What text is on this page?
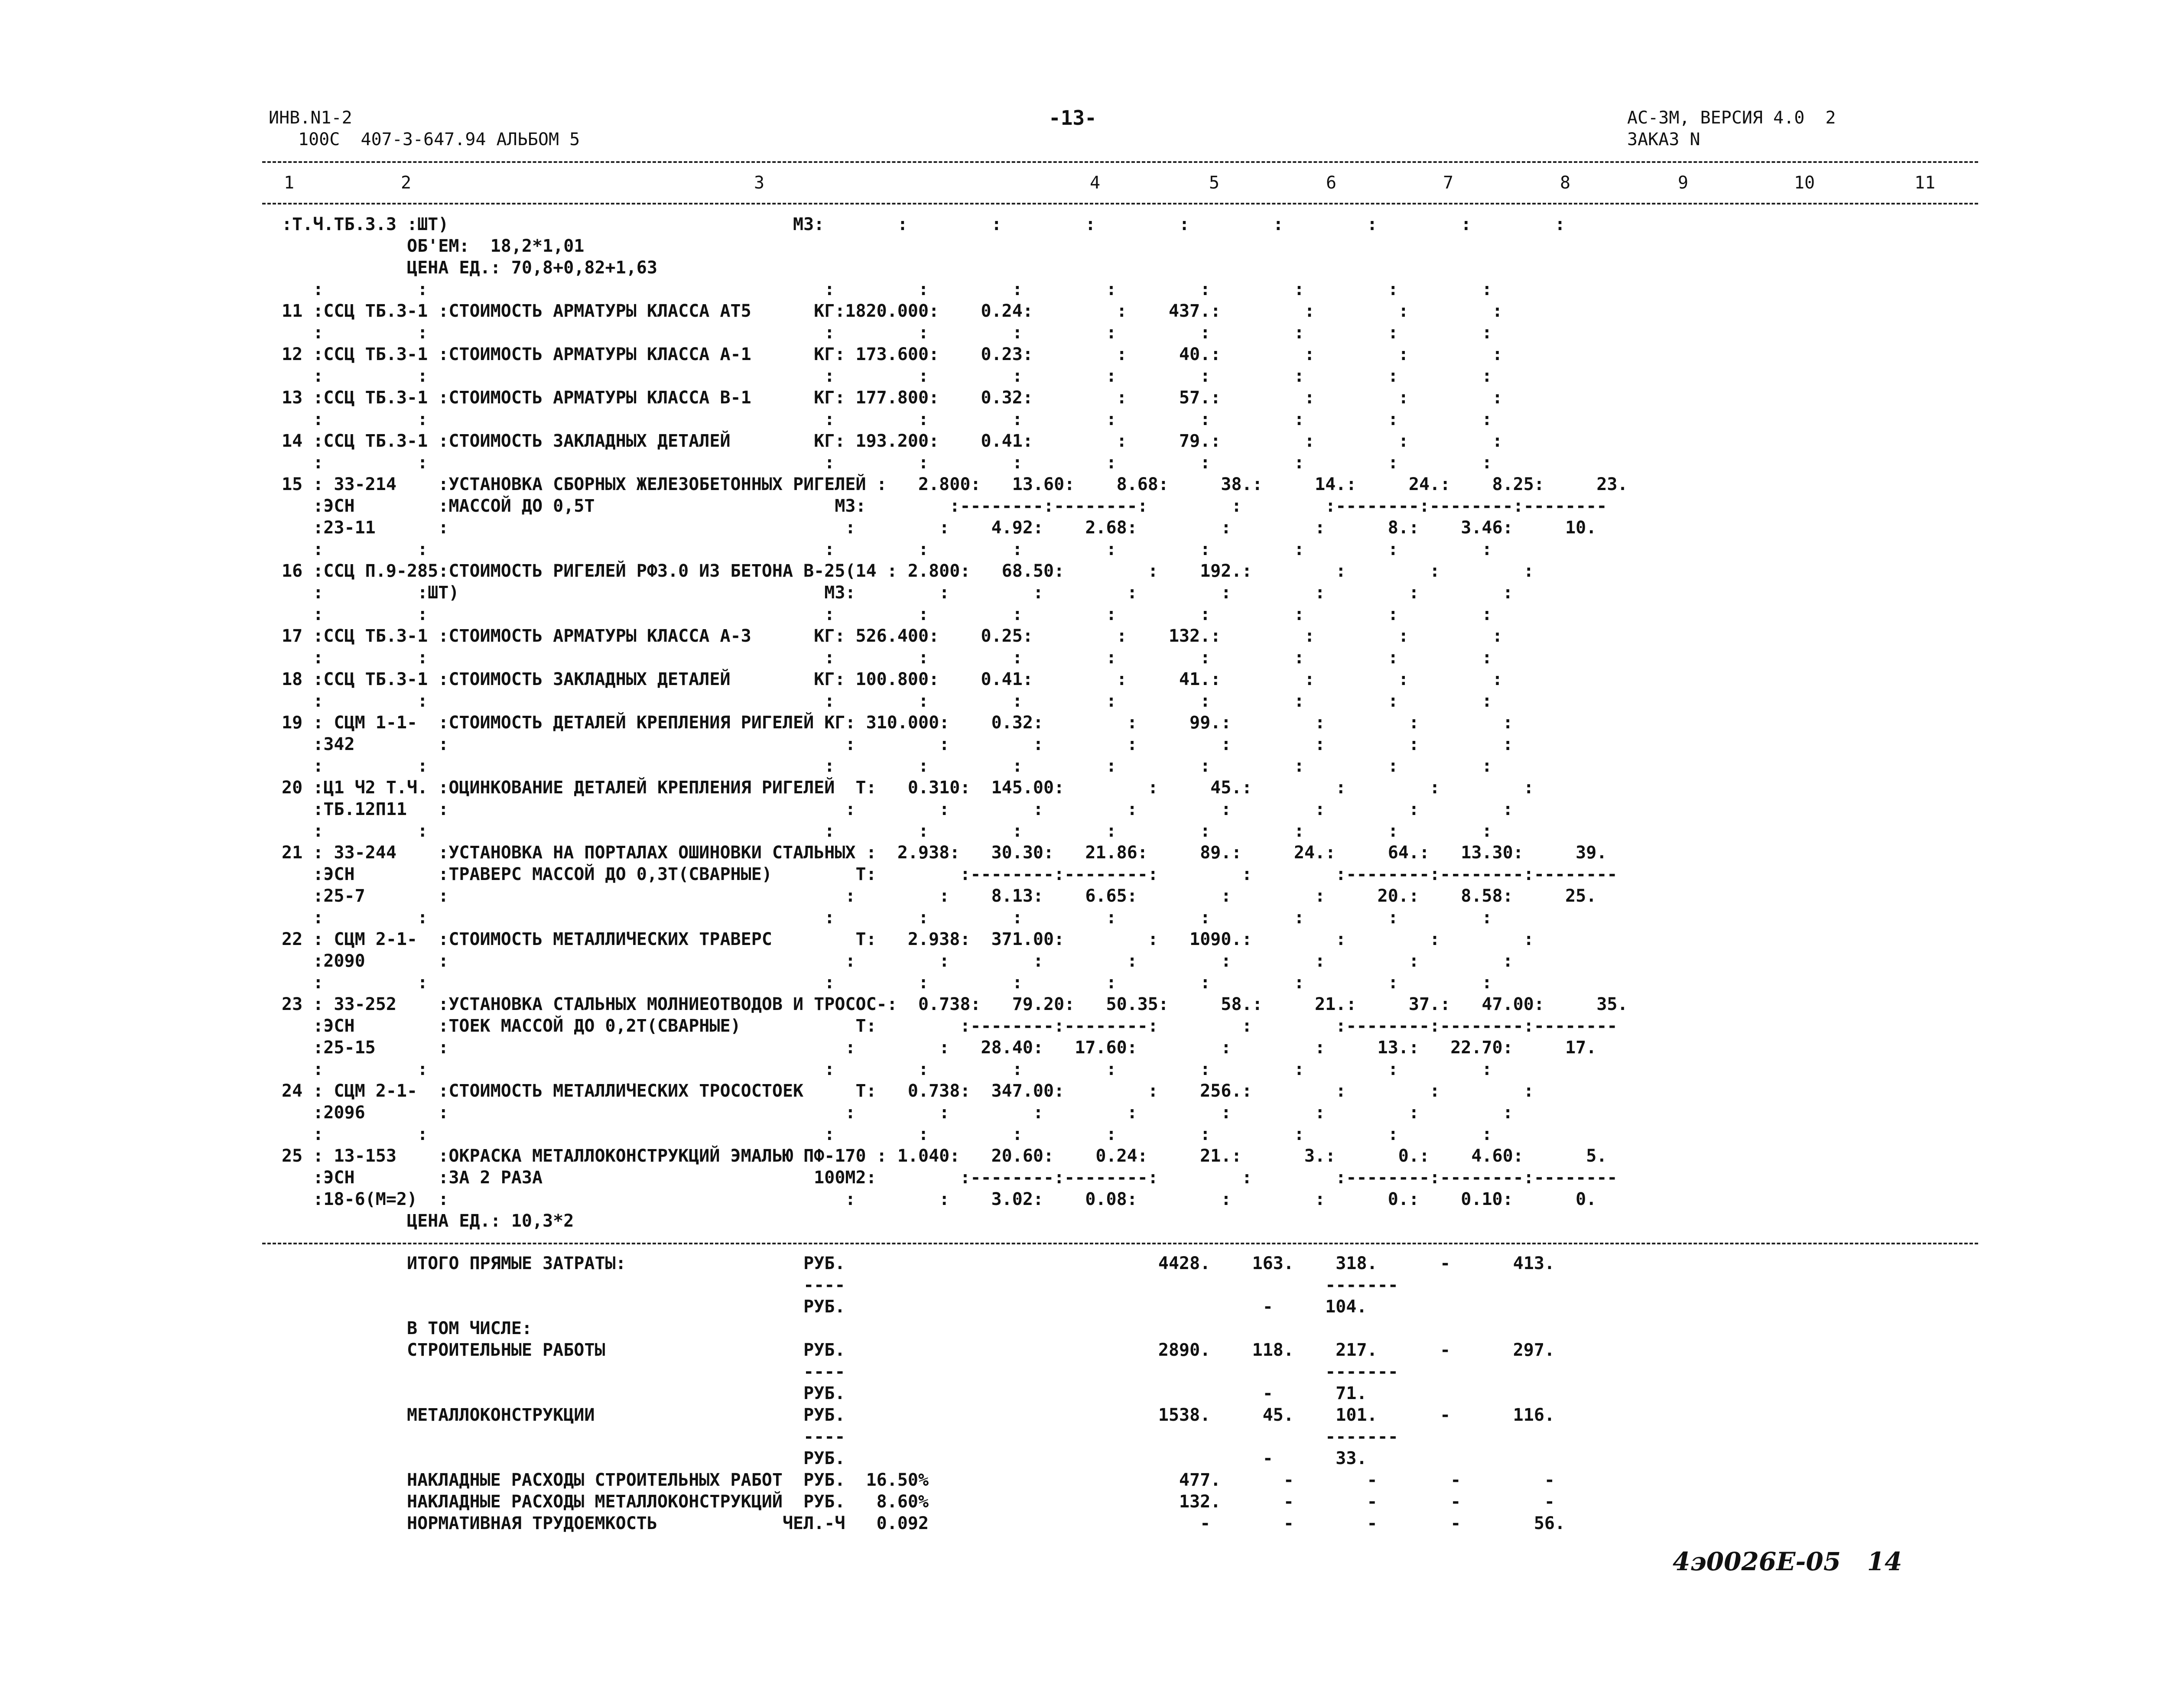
ИНВ.N1-2
100С  407-3-647.94 АЛЬБОМ 5
-13-	АС-3М, ВЕРСИЯ 4.0  2
ЗАКАЗ N
1	2	3	4	5	6	7	8	9	10	11
:Т.Ч.ТБ.3.3 :ШТ)                                 М3:       :        :        :        :        :        :        :        :
ОБ'ЕМ:  18,2*1,01
ЦЕНА ЕД.: 70,8+0,82+1,63
:         :                                      :        :        :        :        :        :        :        :
11 :ССЦ ТБ.3-1 :СТОИМОСТЬ АРМАТУРЫ КЛАССА АТ5      КГ:1820.000:    0.24:        :    437.:        :        :        :
:         :                                      :        :        :        :        :        :        :        :
12 :ССЦ ТБ.3-1 :СТОИМОСТЬ АРМАТУРЫ КЛАССА А-1      КГ: 173.600:    0.23:        :     40.:        :        :        :
:         :                                      :        :        :        :        :        :        :        :
13 :ССЦ ТБ.3-1 :СТОИМОСТЬ АРМАТУРЫ КЛАССА В-1      КГ: 177.800:    0.32:        :     57.:        :        :        :
:         :                                      :        :        :        :        :        :        :        :
14 :ССЦ ТБ.3-1 :СТОИМОСТЬ ЗАКЛАДНЫХ ДЕТАЛЕЙ        КГ: 193.200:    0.41:        :     79.:        :        :        :
:         :                                      :        :        :        :        :        :        :        :
15 : 33-214    :УСТАНОВКА СБОРНЫХ ЖЕЛЕЗОБЕТОННЫХ РИГЕЛЕЙ :   2.800:   13.60:    8.68:     38.:     14.:     24.:    8.25:     23.
:ЭСН        :МАССОЙ ДО 0,5Т                       М3:        :--------:--------:        :        :--------:--------:--------
:23-11      :                                      :        :    4.92:    2.68:        :        :      8.:    3.46:     10.
:         :                                      :        :        :        :        :        :        :        :
16 :ССЦ П.9-285:СТОИМОСТЬ РИГЕЛЕЙ РФ3.0 ИЗ БЕТОНА В-25(14 : 2.800:   68.50:        :    192.:        :        :        :
:         :ШТ)                                   М3:        :        :        :        :        :        :        :
:         :                                      :        :        :        :        :        :        :        :
17 :ССЦ ТБ.3-1 :СТОИМОСТЬ АРМАТУРЫ КЛАССА А-3      КГ: 526.400:    0.25:        :    132.:        :        :        :
:         :                                      :        :        :        :        :        :        :        :
18 :ССЦ ТБ.3-1 :СТОИМОСТЬ ЗАКЛАДНЫХ ДЕТАЛЕЙ        КГ: 100.800:    0.41:        :     41.:        :        :        :
:         :                                      :        :        :        :        :        :        :        :
19 : СЦМ 1-1-  :СТОИМОСТЬ ДЕТАЛЕЙ КРЕПЛЕНИЯ РИГЕЛЕЙ КГ: 310.000:    0.32:        :     99.:        :        :        :
:342        :                                      :        :        :        :        :        :        :        :
:         :                                      :        :        :        :        :        :        :        :
20 :Ц1 Ч2 Т.Ч. :ОЦИНКОВАНИЕ ДЕТАЛЕЙ КРЕПЛЕНИЯ РИГЕЛЕЙ  Т:   0.310:  145.00:        :     45.:        :        :        :
:ТБ.12П11   :                                      :        :        :        :        :        :        :        :
:         :                                      :        :        :        :        :        :        :        :
21 : 33-244    :УСТАНОВКА НА ПОРТАЛАХ ОШИНОВКИ СТАЛЬНЫХ :  2.938:   30.30:   21.86:     89.:     24.:     64.:   13.30:     39.
:ЭСН        :ТРАВЕРС МАССОЙ ДО 0,3Т(СВАРНЫЕ)        Т:        :--------:--------:        :        :--------:--------:--------
:25-7       :                                      :        :    8.13:    6.65:        :        :     20.:    8.58:     25.
:         :                                      :        :        :        :        :        :        :        :
22 : СЦМ 2-1-  :СТОИМОСТЬ МЕТАЛЛИЧЕСКИХ ТРАВЕРС        Т:   2.938:  371.00:        :   1090.:        :        :        :
:2090       :                                      :        :        :        :        :        :        :        :
:         :                                      :        :        :        :        :        :        :        :
23 : 33-252    :УСТАНОВКА СТАЛЬНЫХ МОЛНИЕОТВОДОВ И ТРОСОС-:  0.738:   79.20:   50.35:     58.:     21.:     37.:   47.00:     35.
:ЭСН        :ТОЕК МАССОЙ ДО 0,2Т(СВАРНЫЕ)           Т:        :--------:--------:        :        :--------:--------:--------
:25-15      :                                      :        :   28.40:   17.60:        :        :     13.:   22.70:     17.
:         :                                      :        :        :        :        :        :        :        :
24 : СЦМ 2-1-  :СТОИМОСТЬ МЕТАЛЛИЧЕСКИХ ТРОСОСТОЕК     Т:   0.738:  347.00:        :    256.:        :        :        :
:2096       :                                      :        :        :        :        :        :        :        :
:         :                                      :        :        :        :        :        :        :        :
25 : 13-153    :ОКРАСКА МЕТАЛЛОКОНСТРУКЦИЙ ЭМАЛЬЮ ПФ-170 : 1.040:   20.60:    0.24:     21.:      3.:      0.:    4.60:      5.
:ЭСН        :ЗА 2 РАЗА                          100М2:        :--------:--------:        :        :--------:--------:--------
:18-6(М=2)  :                                      :        :    3.02:    0.08:        :        :      0.:    0.10:      0.
ЦЕНА ЕД.: 10,3*2
ИТОГО ПРЯМЫЕ ЗАТРАТЫ:                 РУБ.                              4428.    163.    318.      -      413.
----                                              -------
РУБ.                                        -     104.
В ТОМ ЧИСЛЕ:
СТРОИТЕЛЬНЫЕ РАБОТЫ                   РУБ.                              2890.    118.    217.      -      297.
----                                              -------
РУБ.                                        -      71.
МЕТАЛЛОКОНСТРУКЦИИ                    РУБ.                              1538.     45.    101.      -      116.
----                                              -------
РУБ.                                        -      33.
НАКЛАДНЫЕ РАСХОДЫ СТРОИТЕЛЬНЫХ РАБОТ  РУБ.  16.50%                        477.      -       -       -        -
НАКЛАДНЫЕ РАСХОДЫ МЕТАЛЛОКОНСТРУКЦИЙ  РУБ.   8.60%                        132.      -       -       -        -
НОРМАТИВНАЯ ТРУДОЕМКОСТЬ            ЧЕЛ.-Ч   0.092                          -       -       -       -       56.
4э0026Е-05   14
